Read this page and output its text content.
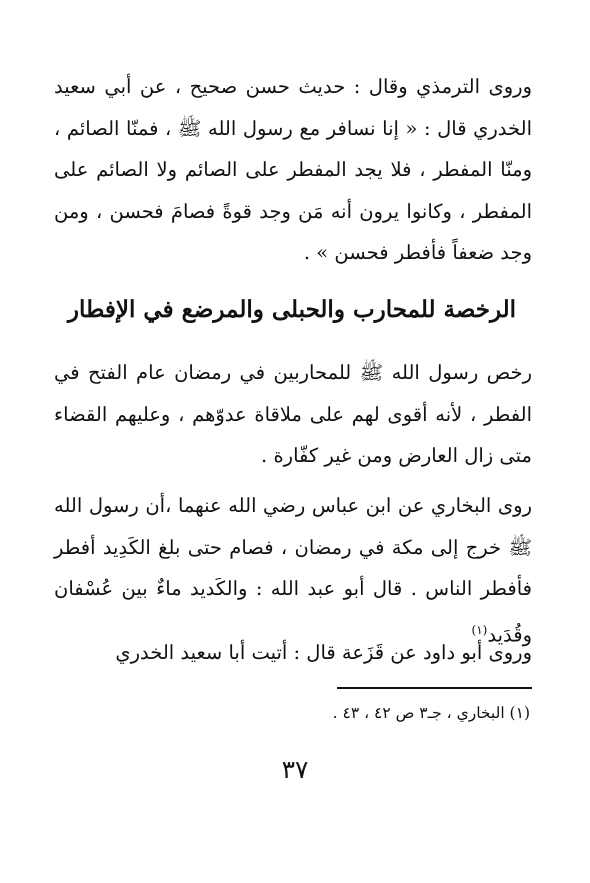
وروى الترمذي وقال : حديث حسن صحيح ، عن أبي سعيد الخدري قال : « إنا نسافر مع رسول الله ﷺ ، فمنّا الصائم ، ومنّا المفطر ، فلا يجد المفطر على الصائم ولا الصائم على المفطر ، وكانوا يرون أنه مَن وجد قوةً فصامَ فحسن ، ومن وجد ضعفاً فأفطر فحسن » .

الرخصة للمحارب والحبلى والمرضع في الإفطار

رخص رسول الله ﷺ للمحاربين في رمضان عام الفتح في الفطر ، لأنه أقوى لهم على ملاقاة عدوّهم ، وعليهم القضاء متى زال العارض ومن غير كفّارة .

روى البخاري عن ابن عباس رضي الله عنهما ،أن رسول الله ﷺ خرج إلى مكة في رمضان ، فصام حتى بلغ الكَدِيد أفطر فأفطر الناس . قال أبو عبد الله : والكَديد ماءٌ بين عُسْفان وقُدَيد$^{(١)}$

وروى أبو داود عن قَزَعة قال : أتيت أبا سعيد الخدري

(١) البخاري ، جـ٣ ص ٤٢ ، ٤٣ .

٣٧
